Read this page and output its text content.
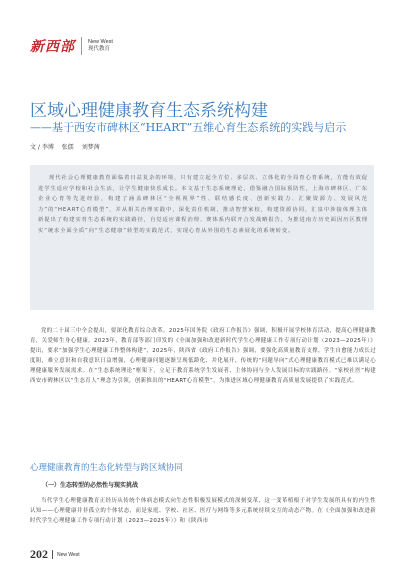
新西部 New West
现代教育
区域心理健康教育生态系统构建
——基于西安市碑林区“HEART”五维心育生态系统的实践与启示
文 / 李博 张儒 刘梦茜

现代社会心理健康教育面临着日益复杂的环境，只有建立起全方位、多层次、立体化的全局育心育系统，方能有效促进学生适应学校和社会生活，让学生健康快乐成长。本文基于生态系统理论，借鉴融合国际预防性，上海市碑林区、广东企业心育等先进经验，构建了涵盖碑林区“全视视界”性、联结感长度、创新实践力、汇聚资源力、发展风范力”的“HEART心育模型”，并从相关治理实践中，深化责任机制，推动智慧家校，构建资源协同，汇泉中涉接体理主体新提出了构建实育生态系统的实践路径，自觉适应课程治理、赛体系内联开合发战略报告，为推进南方历史面因历区教理实“统求全面全质”向“生态健康”转型的实践范式，实现心育从外围的生态素展化的系统转变。

党的二十届三中全会提出，要深化教育综合改革。2025年国务院《政府工作报告》强调，积极开展学校体育活动，提高心理健康教育，关爱师生身心健康。2023年，教育部等部门印发的《全面加强和改进新时代学生心理健康工作专项行动计划（2023—2025年）》提出，要求“加强学生心理健康工作整体构建”，2025年，陕西省《政府工作报告》强调，要强化高质量教育支撑。学生自愈能力成长过度阻，难立意识和自我意识日益增强，心理健康问题逐渐呈现低龄化、并化展开，传统的“问题导向”式心理健康教育模式已难以满足心理健康服务发展需求。在“生态系统理论”框架下，立足于教育系统学生发展者、主体协同与全人发展目标的实践路径。“家校社医”构建西安市碑林区以“生态育人”理念为引领，创新推出的“HEART心育模型”，为推进区域心理健康教育高质量发展提供了实践范式。

心理健康教育的生态化转型与跨区域协同
（一）生态转型的必然性与现实挑战

当代学生心理健康教育正经历从传统个体病态模式向生态性积极发展模式的深刻变革，这一变革植根于对学生发展所具有的内生性认知——心理健康并非孤立的个体状态，而是家庭、学校、社区、医疗与网络等多元系统持续交互的动态产物。在《全面加强和改进新时代学生心理健康工作专项行动计划（2023—2025年）》和《陕西市

202 New West
